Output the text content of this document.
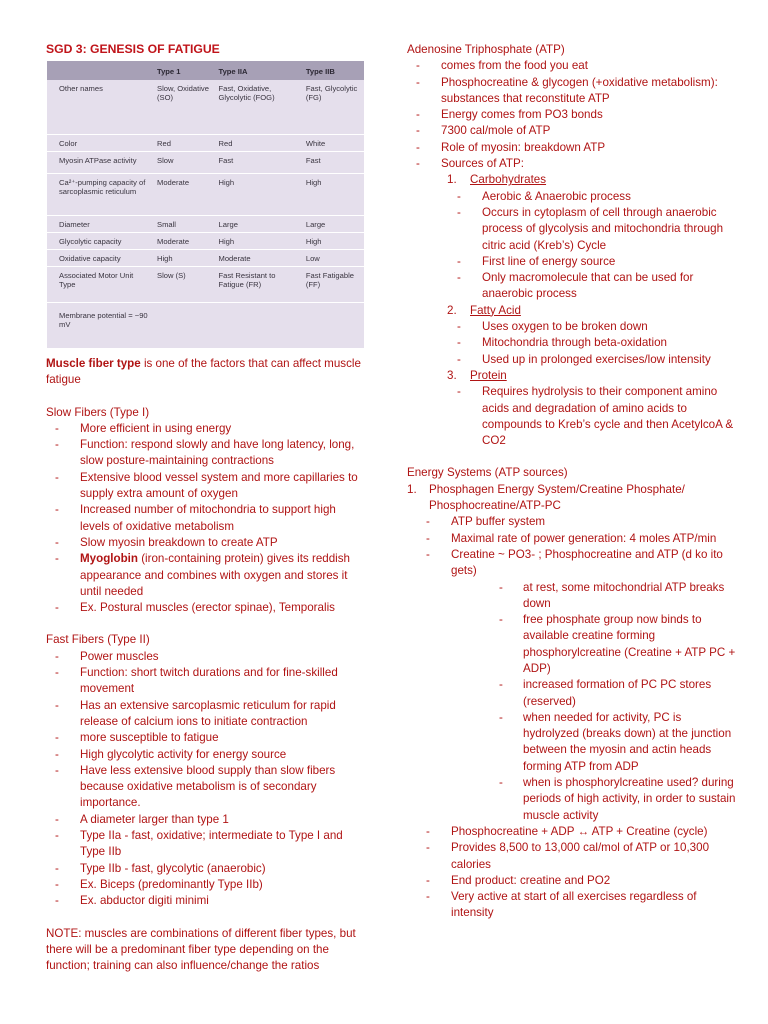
SGD 3: GENESIS OF FATIGUE
	Type 1	Type IIA	Type IIB
Other names	Slow, Oxidative (SO)	Fast, Oxidative, Glycolytic (FOG)	Fast, Glycolytic (FG)
Color	Red	Red	White
Myosin ATPase activity	Slow	Fast	Fast
Ca²⁺-pumping capacity of sarcoplasmic reticulum	Moderate	High	High
Diameter	Small	Large	Large
Glycolytic capacity	Moderate	High	High
Oxidative capacity	High	Moderate	Low
Associated Motor Unit Type	Slow (S)	Fast Resistant to Fatigue (FR)	Fast Fatigable (FF)
Membrane potential = −90 mV			

Muscle fiber type is one of the factors that can affect muscle fatigue

Slow Fibers (Type I)

- More efficient in using energy
- Function: respond slowly and have long latency, long, slow posture-maintaining contractions
- Extensive blood vessel system and more capillaries to supply extra amount of oxygen
- Increased number of mitochondria to support high levels of oxidative metabolism
- Slow myosin breakdown to create ATP
- Myoglobin (iron-containing protein) gives its reddish appearance and combines with oxygen and stores it until needed
- Ex. Postural muscles (erector spinae), Temporalis

Fast Fibers (Type II)

- Power muscles
- Function: short twitch durations and for fine-skilled movement
- Has an extensive sarcoplasmic reticulum for rapid release of calcium ions to initiate contraction
- more susceptible to fatigue
- High glycolytic activity for energy source
- Have less extensive blood supply than slow fibers because oxidative metabolism is of secondary importance.
- A diameter larger than type 1
- Type IIa - fast, oxidative; intermediate to Type I and Type IIb
- Type IIb - fast, glycolytic (anaerobic)
- Ex. Biceps (predominantly Type IIb)
- Ex. abductor digiti minimi

NOTE: muscles are combinations of different fiber types, but there will be a predominant fiber type depending on the function; training can also influence/change the ratios

Adenosine Triphosphate (ATP)

- comes from the food you eat
- Phosphocreatine & glycogen (+oxidative metabolism): substances that reconstitute ATP
- Energy comes from PO3 bonds
- 7300 cal/mole of ATP
- Role of myosin: breakdown ATP
- Sources of ATP:
1. Carbohydrates
- Aerobic & Anaerobic process
- Occurs in cytoplasm of cell through anaerobic process of glycolysis and mitochondria through citric acid (Kreb’s) Cycle
- First line of energy source
- Only macromolecule that can be used for anaerobic process
2. Fatty Acid
- Uses oxygen to be broken down
- Mitochondria through beta-oxidation
- Used up in prolonged exercises/low intensity
3. Protein
- Requires hydrolysis to their component amino acids and degradation of amino acids to compounds to Kreb’s cycle and then AcetylcoA & CO2

Energy Systems (ATP sources)

1. Phosphagen Energy System/Creatine Phosphate/ Phosphocreatine/ATP-PC
- ATP buffer system
- Maximal rate of power generation: 4 moles ATP/min
- Creatine ~ PO3- ; Phosphocreatine and ATP (d ko ito gets)
- at rest, some mitochondrial ATP breaks down
- free phosphate group now binds to available creatine forming phosphorylcreatine (Creatine + ATP PC + ADP)
- increased formation of PC PC stores (reserved)
- when needed for activity, PC is hydrolyzed (breaks down) at the junction between the myosin and actin heads forming ATP from ADP
- when is phosphorylcreatine used? during periods of high activity, in order to sustain muscle activity
- Phosphocreatine + ADP ↔ ATP + Creatine (cycle)
- Provides 8,500 to 13,000 cal/mol of ATP or 10,300 calories
- End product: creatine and PO2
- Very active at start of all exercises regardless of intensity
